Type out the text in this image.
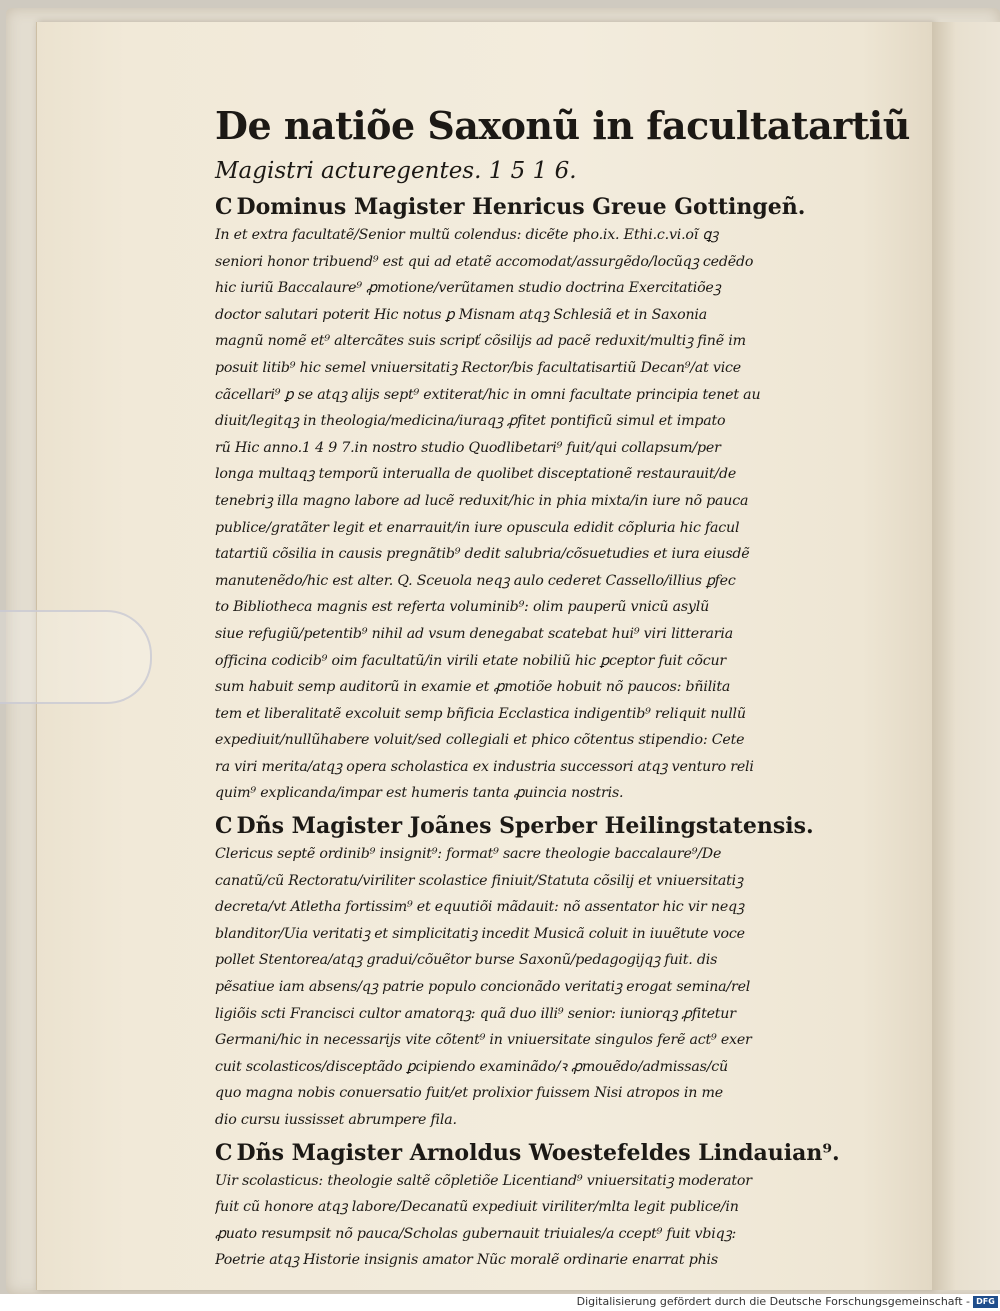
De natiõe Saxonũ in facultatartiũ
Magistri acturegentes. 1 5 1 6.
C Dominus Magister Henricus Greue Gottingeñ.
In et extra facultatẽ/Senior multũ colendus: dicẽte pho.ix. Ethi.c.vi.oĩ ꝗꝫ
seniori honor tribuend⁹ est qui ad etatẽ accomodat/assurgẽdo/locũqꝫ cedẽdo
hic iuriũ Baccalaure⁹ ꝓmotione/verũtamen studio doctrina Exercitatiõeꝫ
doctor salutari poterit Hic notus ꝑ Misnam atqꝫ Schlesiã et in Saxonia
magnũ nomẽ et⁹ altercãtes suis scripť cõsilijs ad pacẽ reduxit/multiꝫ finẽ im
posuit litib⁹ hic semel vniuersitatiꝫ Rector/bis facultatisartiũ Decan⁹/at vice
cãcellari⁹ ꝑ se atqꝫ alijs sept⁹ extiterat/hic in omni facultate principia tenet au
diuit/legitqꝫ in theologia/medicina/iuraqꝫ ꝓfitet pontificũ simul et impato
rũ Hic anno.1 4 9 7.in nostro studio Quodlibetari⁹ fuit/qui collapsum/per
longa multaqꝫ temporũ interualla de quolibet disceptationẽ restaurauit/de
tenebriꝫ illa magno labore ad lucẽ reduxit/hic in phia mixta/in iure nõ pauca
publice/gratãter legit et enarrauit/in iure opuscula edidit cõpluria hic facul
tatartiũ cõsilia in causis pregnãtib⁹ dedit salubria/cõsuetudies et iura eiusdẽ
manutenẽdo/hic est alter. Q. Sceuola neqꝫ aulo cederet Cassello/illius ꝑfec
to Bibliotheca magnis est referta voluminib⁹: olim pauperũ vnicũ asylũ
siue refugiũ/petentib⁹ nihil ad vsum denegabat scatebat hui⁹ viri litteraria
officina codicib⁹ oim facultatũ/in virili etate nobiliũ hic ꝑceptor fuit cõcur
sum habuit semp auditorũ in examie et ꝓmotiõe hobuit nõ paucos: bñilita
tem et liberalitatẽ excoluit semp bñficia Ecclastica indigentib⁹ reliquit nullũ
expediuit/nullũhabere voluit/sed collegiali et phico cõtentus stipendio: Cete
ra viri merita/atqꝫ opera scholastica ex industria successori atqꝫ venturo reli
quim⁹ explicanda/impar est humeris tanta ꝓuincia nostris.
C Dñs Magister Joãnes Sperber Heilingstatensis.
Clericus septẽ ordinib⁹ insignit⁹: format⁹ sacre theologie baccalaure⁹/De
canatũ/cũ Rectoratu/viriliter scolastice finiuit/Statuta cõsilij et vniuersitatiꝫ
decreta/vt Atletha fortissim⁹ et equutiõi mãdauit: nõ assentator hic vir neqꝫ
blanditor/Uia veritatiꝫ et simplicitatiꝫ incedit Musicã coluit in iuuẽtute voce
pollet Stentorea/atqꝫ gradui/cõuẽtor burse Saxonũ/pedagogijqꝫ fuit. dis
pẽsatiue iam absens/qꝫ patrie populo concionãdo veritatiꝫ erogat semina/rel
ligiõis scti Francisci cultor amatorqꝫ: quã duo illi⁹ senior: iuniorqꝫ ꝓfitetur
Germani/hic in necessarijs vite cõtent⁹ in vniuersitate singulos ferẽ act⁹ exer
cuit scolasticos/disceptãdo ꝑcipiendo examinãdo/ꝛ ꝓmouẽdo/admissas/cũ
quo magna nobis conuersatio fuit/et prolixior fuissem Nisi atropos in me
dio cursu iussisset abrumpere fila.
C Dñs Magister Arnoldus Woestefeldes Lindauian⁹.
Uir scolasticus: theologie saltẽ cõpletiõe Licentiand⁹ vniuersitatiꝫ moderator
fuit cũ honore atqꝫ labore/Decanatũ expediuit viriliter/mlta legit publice/in
ꝓuato resumpsit nõ pauca/Scholas gubernauit triuiales/a ccept⁹ fuit vbiqꝫ:
Poetrie atqꝫ Historie insignis amator Nũc moralẽ ordinarie enarrat phis
Digitalisierung gefördert durch die Deutsche Forschungsgemeinschaft - DFG
